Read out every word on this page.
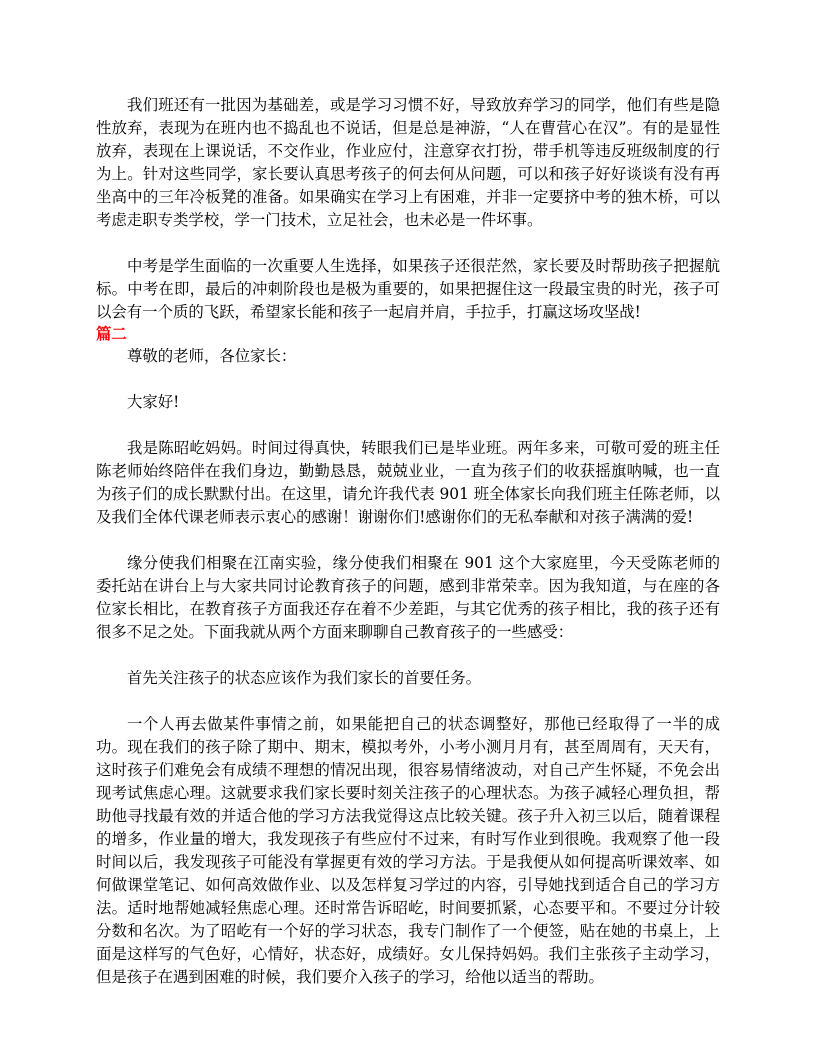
我们班还有一批因为基础差，或是学习习惯不好，导致放弃学习的同学，他们有些是隐性放弃，表现为在班内也不捣乱也不说话，但是总是神游，“人在曹营心在汉”。有的是显性放弃，表现在上课说话，不交作业，作业应付，注意穿衣打扮，带手机等违反班级制度的行为上。针对这些同学，家长要认真思考孩子的何去何从问题，可以和孩子好好谈谈有没有再坐高中的三年冷板凳的准备。如果确实在学习上有困难，并非一定要挤中考的独木桥，可以考虑走职专类学校，学一门技术，立足社会，也未必是一件坏事。

中考是学生面临的一次重要人生选择，如果孩子还很茫然，家长要及时帮助孩子把握航标。中考在即，最后的冲刺阶段也是极为重要的，如果把握住这一段最宝贵的时光，孩子可以会有一个质的飞跃，希望家长能和孩子一起肩并肩，手拉手，打赢这场攻坚战!

篇二

尊敬的老师，各位家长：

大家好!

我是陈昭屹妈妈。时间过得真快，转眼我们已是毕业班。两年多来，可敬可爱的班主任陈老师始终陪伴在我们身边，勤勤恳恳，兢兢业业，一直为孩子们的收获摇旗呐喊，也一直为孩子们的成长默默付出。在这里，请允许我代表 901 班全体家长向我们班主任陈老师，以及我们全体代课老师表示衷心的感谢！谢谢你们!感谢你们的无私奉献和对孩子满满的爱!

缘分使我们相聚在江南实验，缘分使我们相聚在 901 这个大家庭里，今天受陈老师的委托站在讲台上与大家共同讨论教育孩子的问题，感到非常荣幸。因为我知道，与在座的各位家长相比，在教育孩子方面我还存在着不少差距，与其它优秀的孩子相比，我的孩子还有很多不足之处。下面我就从两个方面来聊聊自己教育孩子的一些感受：

首先关注孩子的状态应该作为我们家长的首要任务。

一个人再去做某件事情之前，如果能把自己的状态调整好，那他已经取得了一半的成功。现在我们的孩子除了期中、期末，模拟考外，小考小测月月有，甚至周周有，天天有，这时孩子们难免会有成绩不理想的情况出现，很容易情绪波动，对自己产生怀疑，不免会出现考试焦虑心理。这就要求我们家长要时刻关注孩子的心理状态。为孩子减轻心理负担，帮助他寻找最有效的并适合他的学习方法我觉得这点比较关键。孩子升入初三以后，随着课程的增多，作业量的增大，我发现孩子有些应付不过来，有时写作业到很晚。我观察了他一段时间以后，我发现孩子可能没有掌握更有效的学习方法。于是我便从如何提高听课效率、如何做课堂笔记、如何高效做作业、以及怎样复习学过的内容，引导她找到适合自己的学习方法。适时地帮她减轻焦虑心理。还时常告诉昭屹，时间要抓紧，心态要平和。不要过分计较分数和名次。为了昭屹有一个好的学习状态，我专门制作了一个便签，贴在她的书桌上，上面是这样写的气色好，心情好，状态好，成绩好。女儿保持妈妈。我们主张孩子主动学习，但是孩子在遇到困难的时候，我们要介入孩子的学习，给他以适当的帮助。
